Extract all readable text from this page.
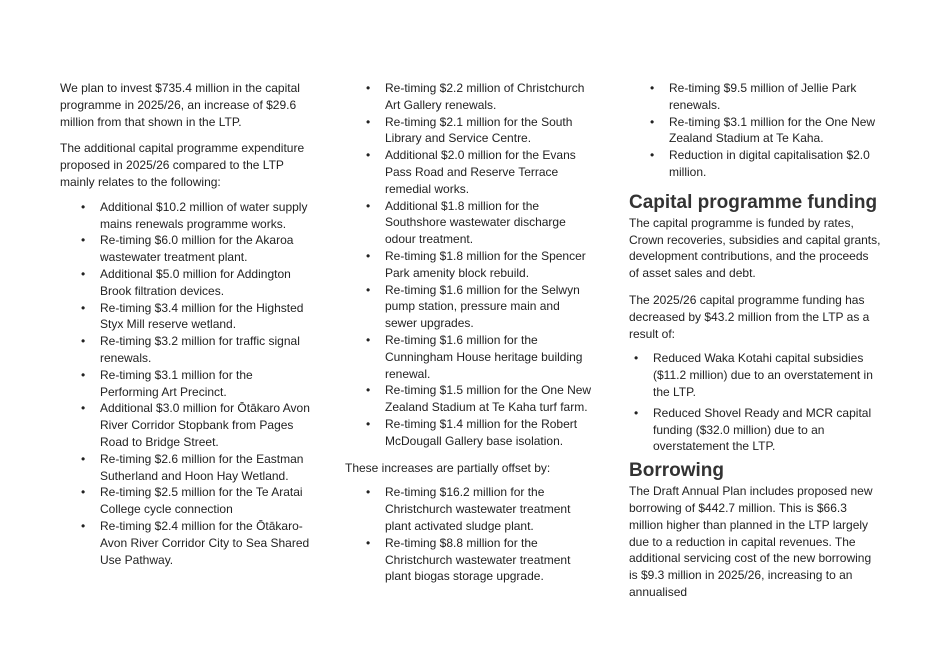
We plan to invest $735.4 million in the capital programme in 2025/26, an increase of $29.6 million from that shown in the LTP.

The additional capital programme expenditure proposed in 2025/26 compared to the LTP mainly relates to the following:

• Additional $10.2 million of water supply mains renewals programme works.
• Re-timing $6.0 million for the Akaroa wastewater treatment plant.
• Additional $5.0 million for Addington Brook filtration devices.
• Re-timing $3.4 million for the Highsted Styx Mill reserve wetland.
• Re-timing $3.2 million for traffic signal renewals.
• Re-timing $3.1 million for the Performing Art Precinct.
• Additional $3.0 million for Ōtākaro Avon River Corridor Stopbank from Pages Road to Bridge Street.
• Re-timing $2.6 million for the Eastman Sutherland and Hoon Hay Wetland.
• Re-timing $2.5 million for the Te Aratai College cycle connection
• Re-timing $2.4 million for the Ōtākaro-Avon River Corridor City to Sea Shared Use Pathway.
• Re-timing $2.2 million of Christchurch Art Gallery renewals.
• Re-timing $2.1 million for the South Library and Service Centre.
• Additional $2.0 million for the Evans Pass Road and Reserve Terrace remedial works.
• Additional $1.8 million for the Southshore wastewater discharge odour treatment.
• Re-timing $1.8 million for the Spencer Park amenity block rebuild.
• Re-timing $1.6 million for the Selwyn pump station, pressure main and sewer upgrades.
• Re-timing $1.6 million for the Cunningham House heritage building renewal.
• Re-timing $1.5 million for the One New Zealand Stadium at Te Kaha turf farm.
• Re-timing $1.4 million for the Robert McDougall Gallery base isolation.

These increases are partially offset by:

• Re-timing $16.2 million for the Christchurch wastewater treatment plant activated sludge plant.
• Re-timing $8.8 million for the Christchurch wastewater treatment plant biogas storage upgrade.
• Re-timing $9.5 million of Jellie Park renewals.
• Re-timing $3.1 million for the One New Zealand Stadium at Te Kaha.
• Reduction in digital capitalisation $2.0 million.
Capital programme funding

The capital programme is funded by rates, Crown recoveries, subsidies and capital grants, development contributions, and the proceeds of asset sales and debt.

The 2025/26 capital programme funding has decreased by $43.2 million from the LTP as a result of:

• Reduced Waka Kotahi capital subsidies ($11.2 million) due to an overstatement in the LTP.
• Reduced Shovel Ready and MCR capital funding ($32.0 million) due to an overstatement the LTP.
Borrowing

The Draft Annual Plan includes proposed new borrowing of $442.7 million. This is $66.3 million higher than planned in the LTP largely due to a reduction in capital revenues. The additional servicing cost of the new borrowing is $9.3 million in 2025/26, increasing to an annualised
